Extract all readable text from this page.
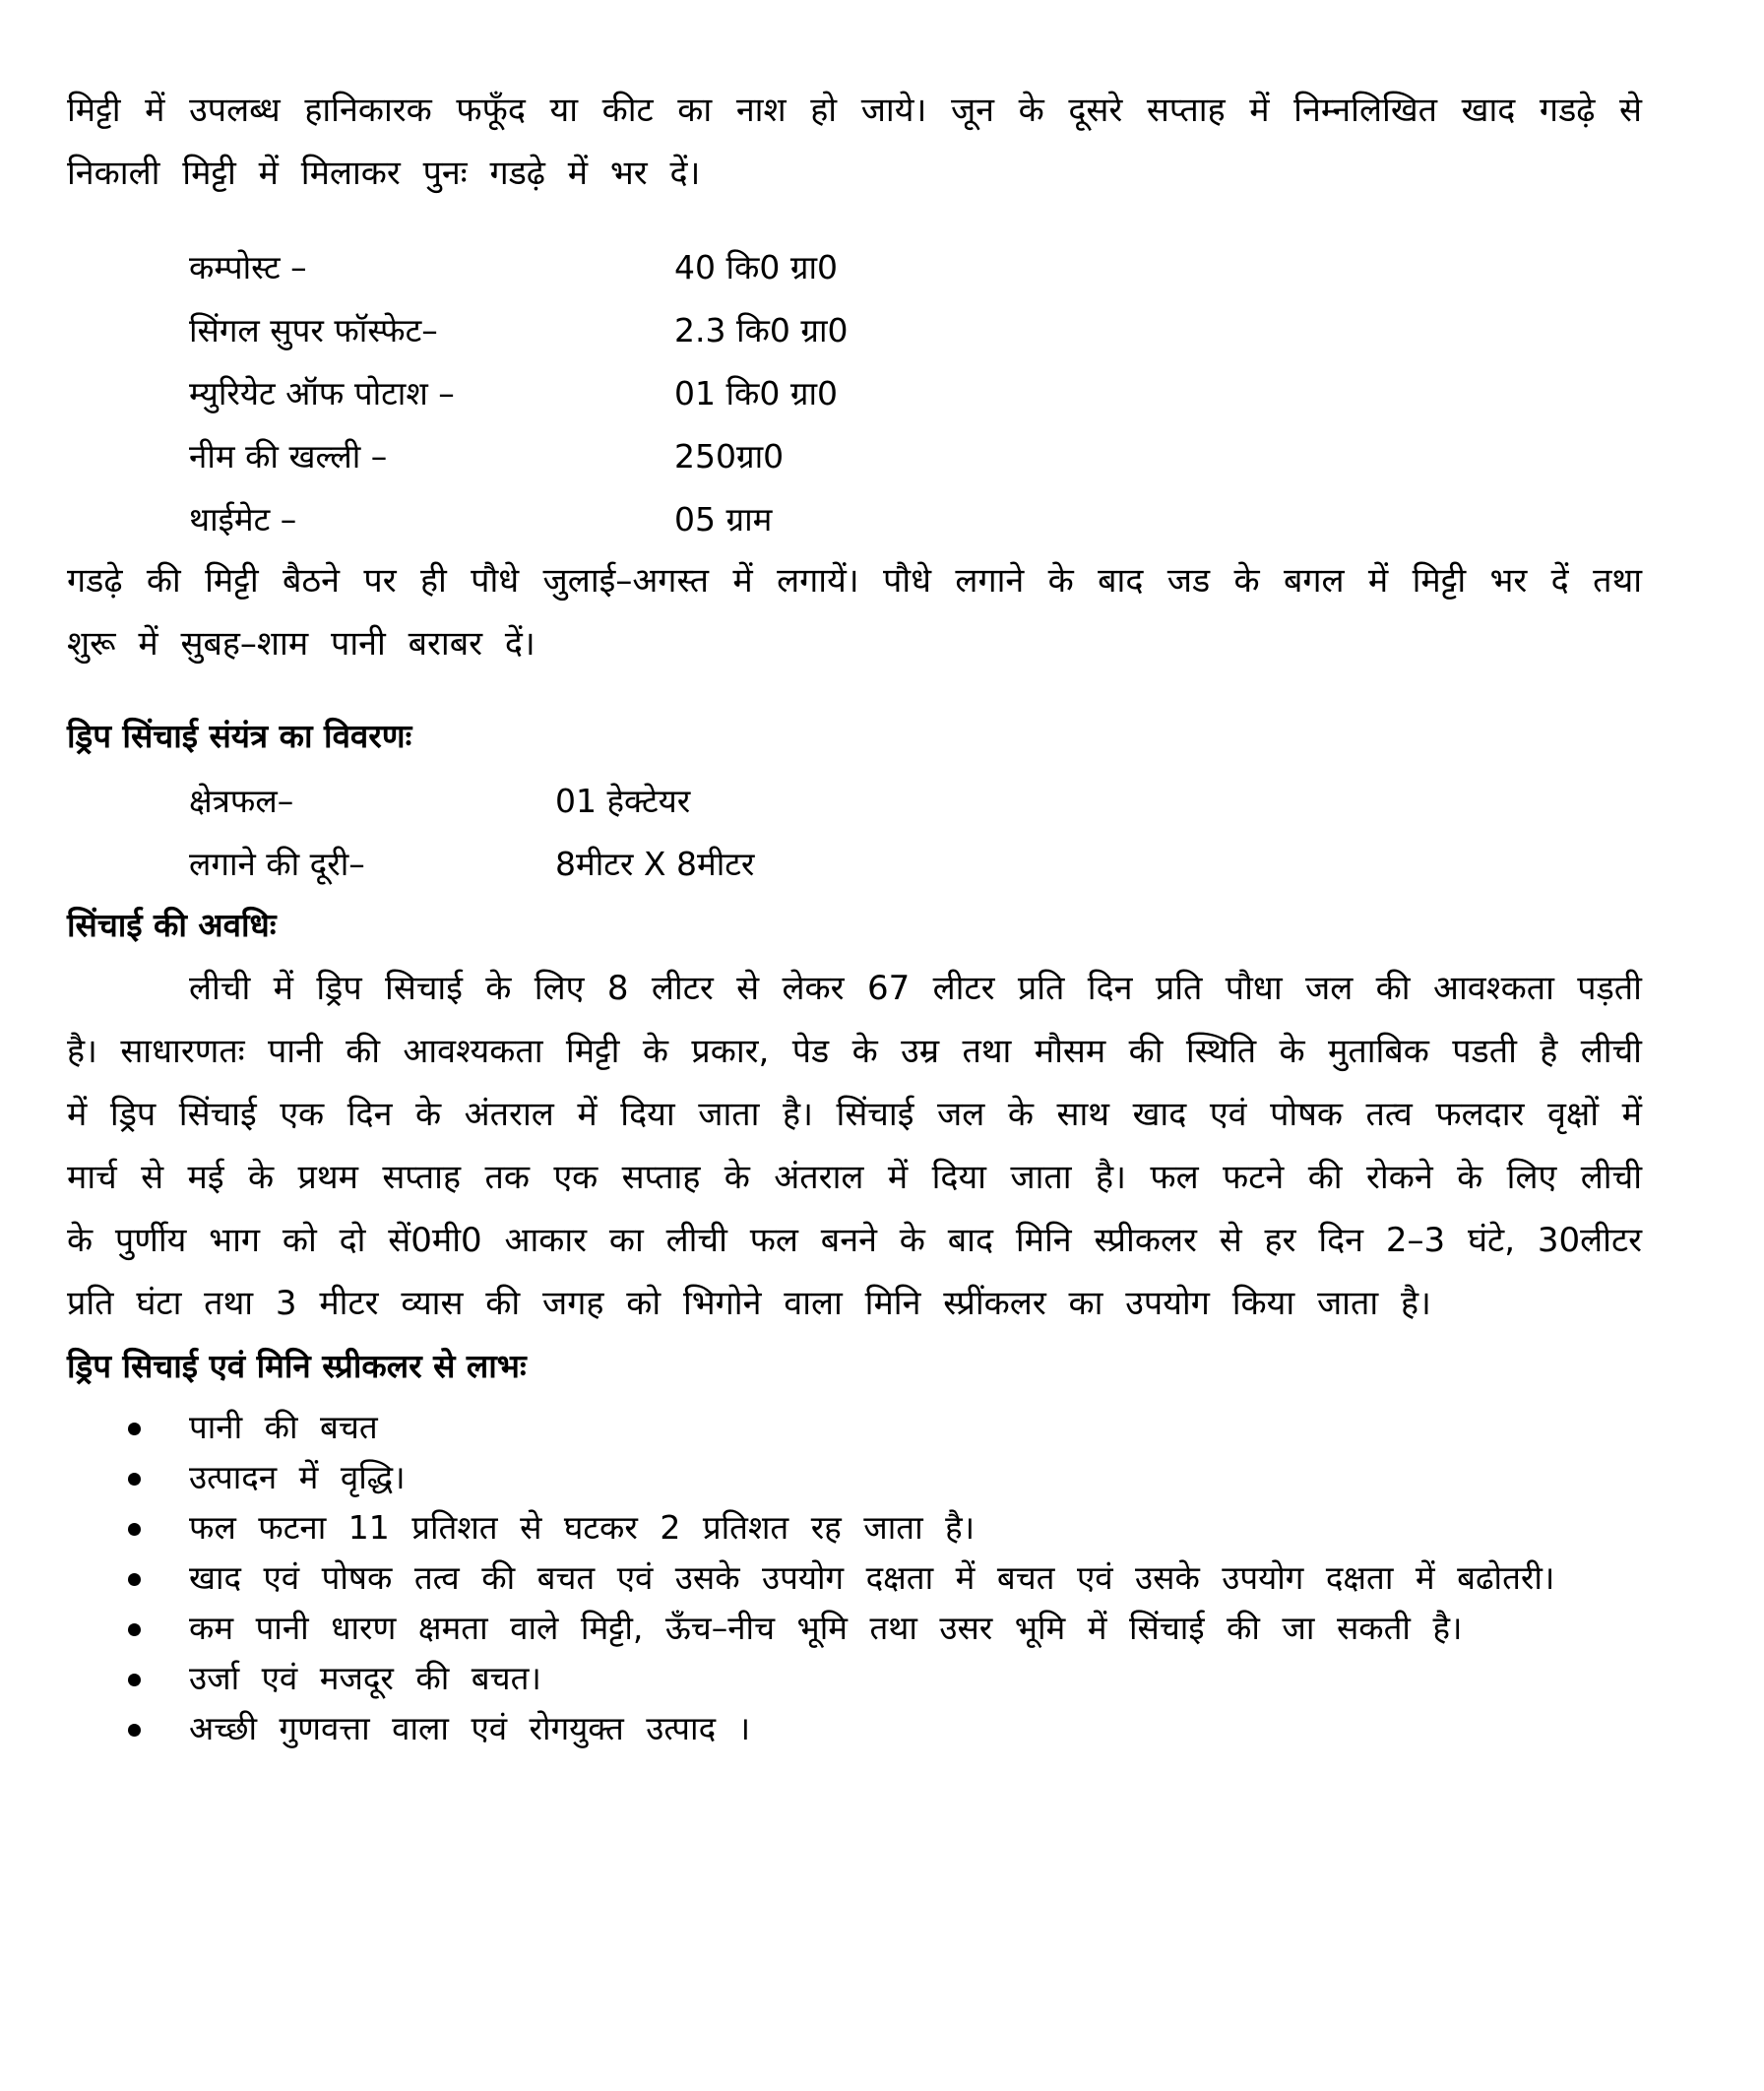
मिट्टी में उपलब्ध हानिकारक फफूँद या कीट का नाश हो जाये। जून के दूसरे सप्ताह में निम्नलिखित खाद गडढ़े से निकाली मिट्टी में मिलाकर पुनः गडढ़े में भर दें।

कम्पोस्ट –	40 कि0 ग्रा0
सिंगल सुपर फॉस्फेट–	2.3 कि0 ग्रा0
म्युरियेट ऑफ पोटाश –	01 कि0 ग्रा0
नीम की खल्ली –	250ग्रा0
थाईमेट –	05 ग्राम

गडढ़े की मिट्टी बैठने पर ही पौधे जुलाई–अगस्त में लगायें। पौधे लगाने के बाद जड के बगल में मिट्टी भर दें तथा शुरू में सुबह–शाम पानी बराबर दें।

ड्रिप सिंचाई संयंत्र का विवरणः
क्षेत्रफल–	01 हेक्टेयर
लगाने की दूरी–	8मीटर X 8मीटर
सिंचाई की अवधिः

लीची में ड्रिप सिचाई के लिए 8 लीटर से लेकर 67 लीटर प्रति दिन प्रति पौधा जल की आवश्कता पड़ती है। साधारणतः पानी की आवश्यकता मिट्टी के प्रकार, पेड के उम्र तथा मौसम की स्थिति के मुताबिक पडती है लीची में ड्रिप सिंचाई एक दिन के अंतराल में दिया जाता है। सिंचाई जल के साथ खाद एवं पोषक तत्व फलदार वृक्षों में मार्च से मई के प्रथम सप्ताह तक एक सप्ताह के अंतराल में दिया जाता है। फल फटने की रोकने के लिए लीची के पुर्णीय भाग को दो सें0मी0 आकार का लीची फल बनने के बाद मिनि स्प्रीकलर से हर दिन 2–3 घंटे, 30लीटर प्रति घंटा तथा 3 मीटर व्यास की जगह को भिगोने वाला मिनि स्प्रींकलर का उपयोग किया जाता है।

ड्रिप सिचाई एवं मिनि स्प्रीकलर से लाभः
पानी की बचत
उत्पादन में वृद्धि।
फल फटना 11 प्रतिशत से घटकर 2 प्रतिशत रह जाता है।
खाद एवं पोषक तत्व की बचत एवं उसके उपयोग दक्षता में बचत एवं उसके उपयोग दक्षता में बढोतरी।
कम पानी धारण क्षमता वाले मिट्टी, ऊँच–नीच भूमि तथा उसर भूमि में सिंचाई की जा सकती है।
उर्जा एवं मजदूर की बचत।
अच्छी गुणवत्ता वाला एवं रोगयुक्त उत्पाद ।
